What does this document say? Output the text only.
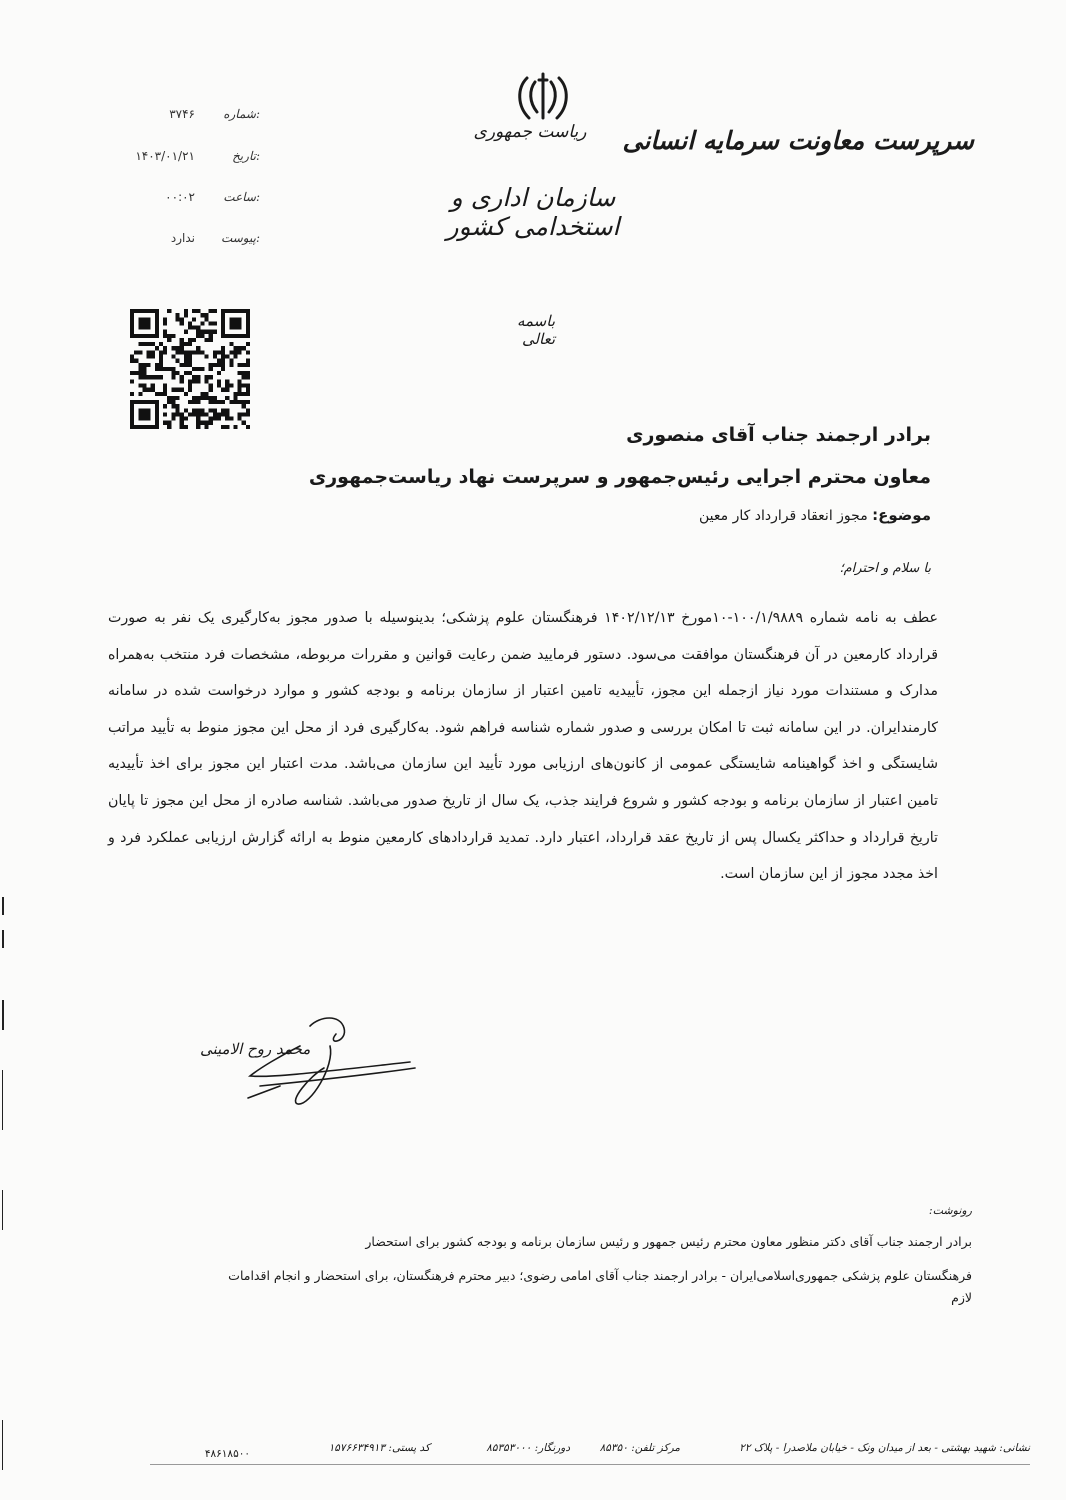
سرپرست معاونت سرمایه انسانی
ریاست جمهوری
سازمان اداری و استخدامی کشور
شماره:
۳۷۴۶
تاریخ:
۱۴۰۳/۰۱/۲۱
ساعت:
۰۰:۰۲
پیوست:
ندارد
باسمه تعالی
برادر ارجمند جناب آقای منصوری
معاون محترم اجرایی رئیس‌جمهور و سرپرست نهاد ریاست‌جمهوری
موضوع: مجوز انعقاد قرارداد کار معین
با سلام و احترام؛
عطف به نامه شماره ۱۰۰/۱/۹۸۸۹-۱۰مورخ ۱۴۰۲/۱۲/۱۳ فرهنگستان علوم پزشکی؛ بدینوسیله با صدور مجوز به‌کارگیری یک نفر به صورت قرارداد کارمعین در آن فرهنگستان موافقت می‌سود. دستور فرمایید ضمن رعایت قوانین و مقررات مربوطه، مشخصات فرد منتخب به‌همراه مدارک و مستندات مورد نیاز ازجمله این مجوز، تأییدیه تامین اعتبار از سازمان برنامه و بودجه کشور و موارد درخواست شده در سامانه کارمندایران. در این سامانه ثبت تا امکان بررسی و صدور شماره شناسه فراهم شود. به‌کارگیری فرد از محل این مجوز منوط به تأیید مراتب شایستگی و اخذ گواهینامه شایستگی عمومی از کانون‌های ارزیابی مورد تأیید این سازمان می‌باشد. مدت اعتبار این مجوز برای اخذ تأییدیه تامین اعتبار از سازمان برنامه و بودجه کشور و شروع فرایند جذب، یک سال از تاریخ صدور می‌باشد. شناسه صادره از محل این مجوز تا پایان تاریخ قرارداد و حداکثر یکسال پس از تاریخ عقد قرارداد، اعتبار دارد. تمدید قراردادهای کارمعین منوط به ارائه گزارش ارزیابی عملکرد فرد و اخذ مجدد مجوز از این سازمان است.
محمد روح الامینی
رونوشت:
برادر ارجمند جناب آقای دکتر منظور معاون محترم رئیس جمهور و رئیس سازمان برنامه و بودجه کشور برای استحضار
فرهنگستان علوم پزشکی جمهوری‌اسلامی‌ایران - برادر ارجمند جناب آقای امامی رضوی؛ دبیر محترم فرهنگستان، برای استحضار و انجام اقدامات
لازم
نشانی: شهید بهشتی - بعد از میدان ونک - خیابان ملاصدرا - پلاک ۲۲
مرکز تلفن: ۸۵۳۵۰
دورنگار: ۸۵۳۵۳۰۰۰
کد پستی: ۱۵۷۶۶۳۴۹۱۳
۴۸۶۱۸۵۰۰
